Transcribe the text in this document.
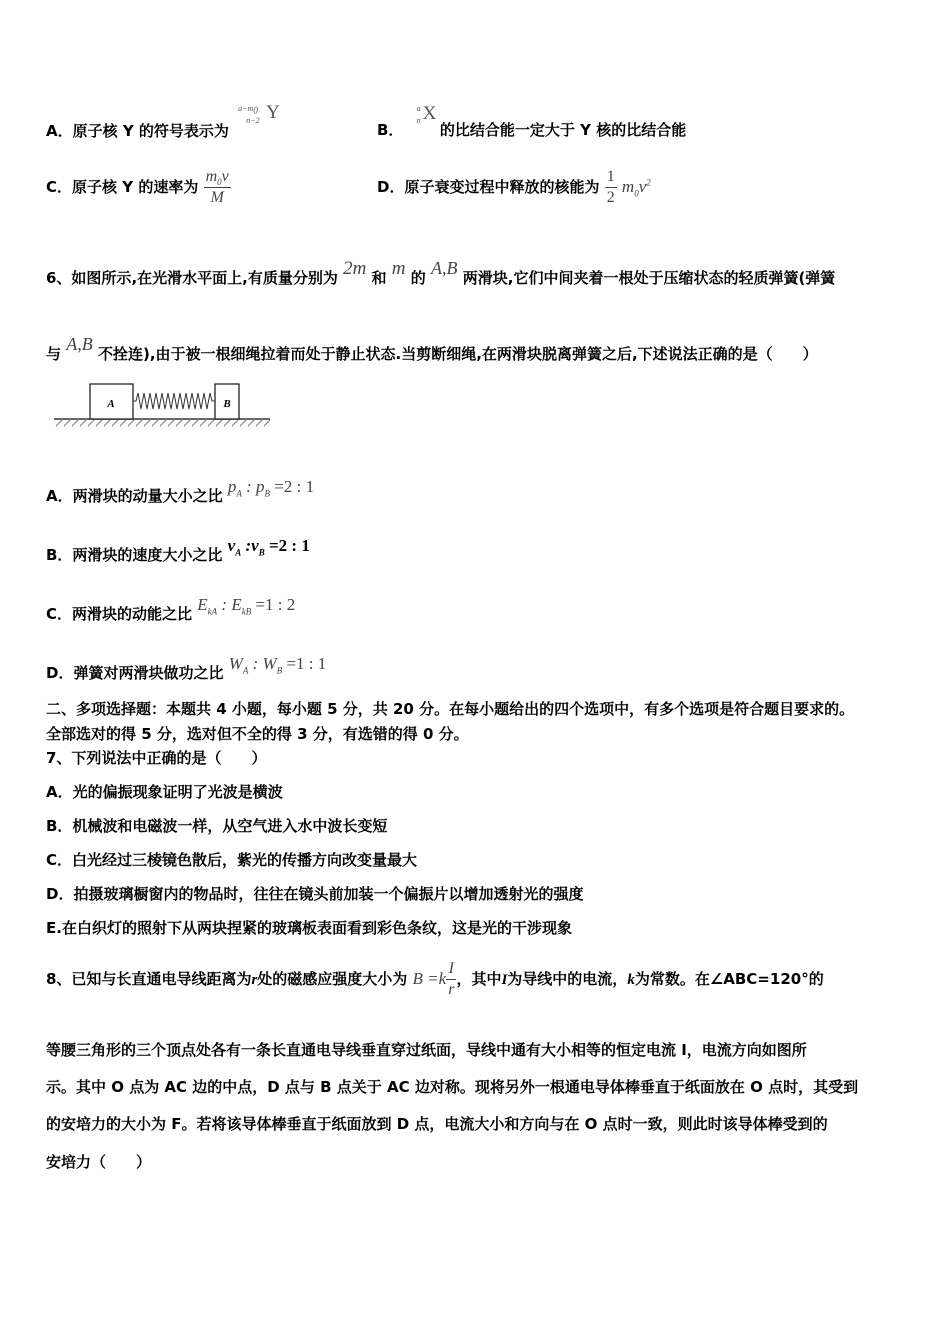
A．原子核 Y 的符号表示为
$a-m_0$
n−2 Y
B．
a
n X
的比结合能一定大于 Y 核的比结合能
C．原子核 Y 的速率为 $\frac{m_0v}{M}$	D．原子衰变过程中释放的核能为 $\frac{1}{2} m_0v^2$
6、如图所示,在光滑水平面上,有质量分别为 2m 和 m 的 A,B 两滑块,它们中间夹着一根处于压缩状态的轻质弹簧(弹簧
与 A,B 不拴连),由于被一根细绳拉着而处于静止状态.当剪断细绳,在两滑块脱离弹簧之后,下述说法正确的是（　　）
A	B
A．两滑块的动量大小之比 $p_A$ : $p_B =2$ : 1
B．两滑块的速度大小之比 $v_A$ $:v_B =2$ : 1
C．两滑块的动能之比 $E_{kA}$ : $E_{kB} =1$ : 2
D．弹簧对两滑块做功之比 $W_A$ : $W_B =1$ : 1
二、多项选择题：本题共 4 小题，每小题 5 分，共 20 分。在每小题给出的四个选项中，有多个选项是符合题目要求的。
全部选对的得 5 分，选对但不全的得 3 分，有选错的得 0 分。
7、下列说法中正确的是（　　）
A．光的偏振现象证明了光波是横波
B．机械波和电磁波一样，从空气进入水中波长变短
C．白光经过三棱镜色散后，紫光的传播方向改变量最大
D．拍摄玻璃橱窗内的物品时，往往在镜头前加装一个偏振片以增加透射光的强度
E.在白织灯的照射下从两块捏紧的玻璃板表面看到彩色条纹，这是光的干涉现象
8、已知与长直通电导线距离为r处的磁感应强度大小为 $B =k \frac{I}{r}$ ，其中I为导线中的电流，k为常数。在∠ABC=120°的
等腰三角形的三个顶点处各有一条长直通电导线垂直穿过纸面，导线中通有大小相等的恒定电流 I，电流方向如图所
示。其中 O 点为 AC 边的中点，D 点与 B 点关于 AC 边对称。现将另外一根通电导体棒垂直于纸面放在 O 点时，其受到
的安培力的大小为 F。若将该导体棒垂直于纸面放到 D 点，电流大小和方向与在 O 点时一致，则此时该导体棒受到的
安培力（　　）
